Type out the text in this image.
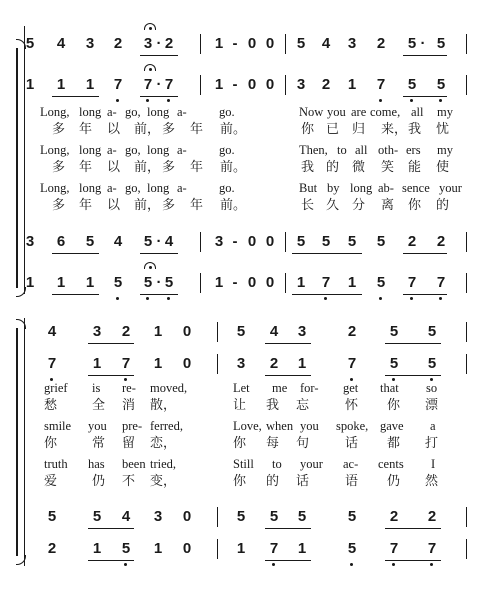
5	4	3	2	3 · 2	1 - 0 0	5	4	3	2	5 · 5
1	1	1	7	7 · 7	1 - 0 0	3	2	1	7	5	5
Long, long a- go, long a-	go.	Now you are come, all my
多 年 以 前， 多 年 前。	你 已 归 来， 我 忧
Long, long a- go, long a-	go.	Then, to all oth- ers my
多 年 以 前， 多 年 前。	我 的 微 笑 能 使
Long, long a- go, long a-	go.	But by long ab- sence your
多 年 以 前， 多 年 前。	长 久 分 离 你 的
3	6	5	4	5 · 4	3 - 0 0	5	5	5	5	2	2
1	1	1	5	5 · 5	1 - 0 0	1	7	1	5	7	7
4	3	2	1	0	5	4	3	2	5	5
7	1	7	1	0	3	2	1	7	5	5
grief is re- moved,	Let me for- get that so
愁	全 消 散，	让 我 忘	怀 你 漂
smile you pre- ferred,	Love, when you spoke, gave a
你	常 留 恋，	你 每 句	话 都 打
truth has been tried,	Still to your ac- cents I
爱	仍 不 变，	你 的 话	语 仍 然
5	5	4	3	0	5	5	5	5	2	2
2	1	5	1	0	1	7	1	5	7	7
